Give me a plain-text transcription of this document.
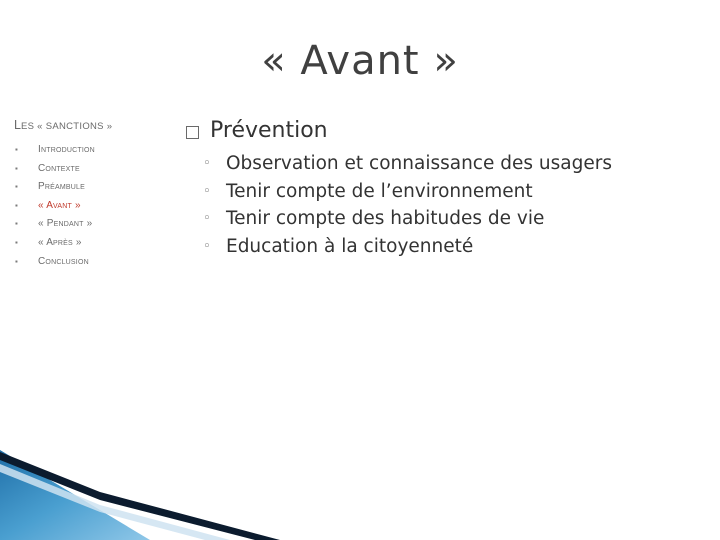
« Avant »
LES « SANCTIONS »
▪ Introduction
▪ Contexte
▪ Préambule
▪ « Avant »
▪ « Pendant »
▪ « Après »
▪ Conclusion
Prévention
◦ Observation et connaissance des usagers
◦ Tenir compte de l’environnement
◦ Tenir compte des habitudes de vie
◦ Education à la citoyenneté
